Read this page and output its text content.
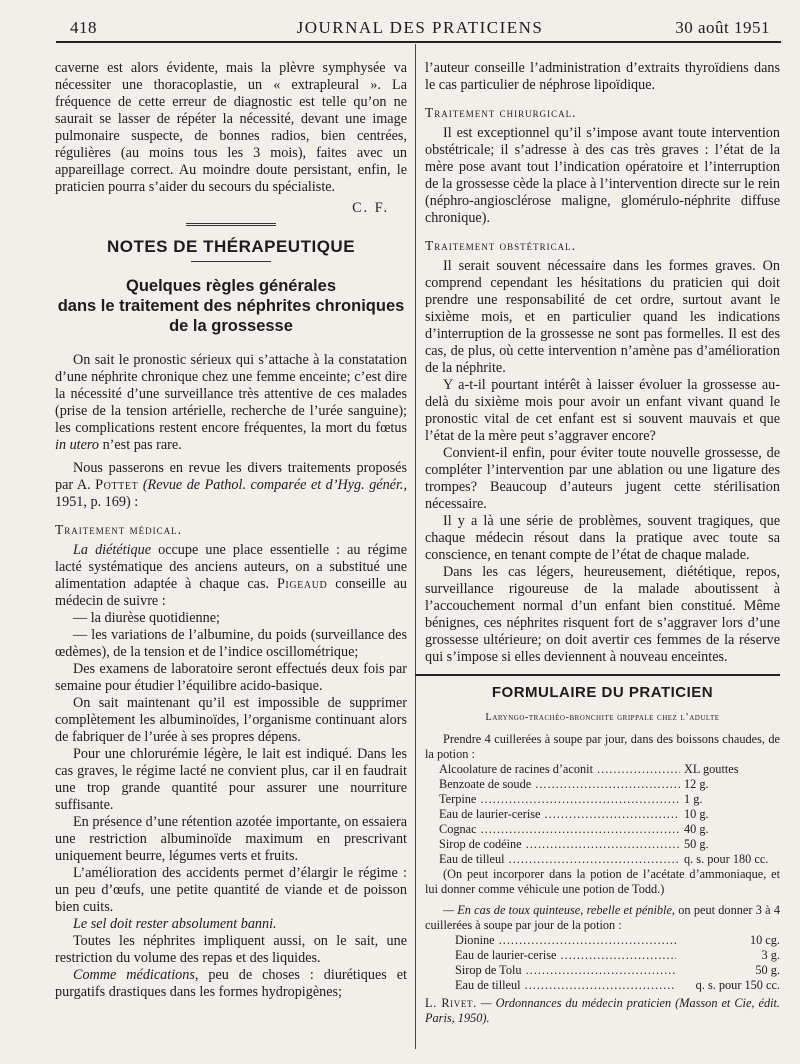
418	JOURNAL DES PRATICIENS	30 août 1951

caverne est alors évidente, mais la plèvre symphysée va nécessiter une thoracoplastie, un « extrapleural ». La fréquence de cette erreur de diagnostic est telle qu’on ne saurait se lasser de répéter la nécessité, devant une image pulmonaire suspecte, de bonnes radios, bien centrées, régulières (au moins tous les 3 mois), faites avec un appareillage correct. Au moindre doute persistant, enfin, le praticien pourra s’aider du secours du spécialiste.

C. F.

NOTES DE THÉRAPEUTIQUE
Quelques règles générales
dans le traitement des néphrites chroniques
de la grossesse

On sait le pronostic sérieux qui s’attache à la constatation d’une néphrite chronique chez une femme enceinte; c’est dire la nécessité d’une surveillance très attentive de ces malades (prise de la tension artérielle, recherche de l’urée sanguine); les complications restent encore fréquentes, la mort du fœtus in utero n’est pas rare.

Nous passerons en revue les divers traitements proposés par A. Pottet (Revue de Pathol. comparée et d’Hyg. génér., 1951, p. 169) :

Traitement médical.

La diététique occupe une place essentielle : au régime lacté systématique des anciens auteurs, on a substitué une alimentation adaptée à chaque cas. Pigeaud conseille au médecin de suivre :

— la diurèse quotidienne;

— les variations de l’albumine, du poids (surveillance des œdèmes), de la tension et de l’indice oscillométrique;

Des examens de laboratoire seront effectués deux fois par semaine pour étudier l’équilibre acido-basique.

On sait maintenant qu’il est impossible de supprimer complètement les albuminoïdes, l’organisme continuant alors de fabriquer de l’urée à ses propres dépens.

Pour une chlorurémie légère, le lait est indiqué. Dans les cas graves, le régime lacté ne convient plus, car il en faudrait une trop grande quantité pour assurer une nourriture suffisante.

En présence d’une rétention azotée importante, on essaiera une restriction albuminoïde maximum en prescrivant uniquement beurre, légumes verts et fruits.

L’amélioration des accidents permet d’élargir le régime : un peu d’œufs, une petite quantité de viande et de poisson bien cuits.

Le sel doit rester absolument banni.

Toutes les néphrites impliquent aussi, on le sait, une restriction du volume des repas et des liquides.

Comme médications, peu de choses : diurétiques et purgatifs drastiques dans les formes hydropigènes;

l’auteur conseille l’administration d’extraits thyroïdiens dans le cas particulier de néphrose lipoïdique.

Traitement chirurgical.

Il est exceptionnel qu’il s’impose avant toute intervention obstétricale; il s’adresse à des cas très graves : l’état de la mère pose avant tout l’indication opératoire et l’interruption de la grossesse cède la place à l’intervention directe sur le rein (néphro-angiosclérose maligne, glomérulo-néphrite diffuse chronique).

Traitement obstétrical.

Il serait souvent nécessaire dans les formes graves. On comprend cependant les hésitations du praticien qui doit prendre une responsabilité de cet ordre, surtout avant le sixième mois, et en particulier quand les indications d’interruption de la grossesse ne sont pas formelles. Il est des cas, de plus, où cette intervention n’amène pas d’amélioration de la néphrite.

Y a-t-il pourtant intérêt à laisser évoluer la grossesse au-delà du sixième mois pour avoir un enfant vivant quand le pronostic vital de cet enfant est si souvent mauvais et que l’état de la mère peut s’aggraver encore?

Convient-il enfin, pour éviter toute nouvelle grossesse, de compléter l’intervention par une ablation ou une ligature des trompes? Beaucoup d’auteurs jugent cette stérilisation nécessaire.

Il y a là une série de problèmes, souvent tragiques, que chaque médecin résout dans la pratique avec toute sa conscience, en tenant compte de l’état de chaque malade.

Dans les cas légers, heureusement, diététique, repos, surveillance rigoureuse de la malade aboutissent à l’accouchement normal d’un enfant bien constitué. Même bénignes, ces néphrites risquent fort de s’aggraver lors d’une grossesse ultérieure; on doit avertir ces femmes de la réserve qui s’impose si elles deviennent à nouveau enceintes.

FORMULAIRE DU PRATICIEN
Laryngo-trachéo-bronchite grippale chez l’adulte

Prendre 4 cuillerées à soupe par jour, dans des boissons chaudes, de la potion :

Alcoolature de racines d’aconit .....	XL gouttes
Benzoate de soude .....	12 g.
Terpine .....	1 g.
Eau de laurier-cerise .....	10 g.
Cognac .....	40 g.
Sirop de codéine .....	50 g.
Eau de tilleul .....	q. s. pour 180 cc.

(On peut incorporer dans la potion de l’acétate d’ammoniaque, et lui donner comme véhicule une potion de Todd.)

— En cas de toux quinteuse, rebelle et pénible, on peut donner 3 à 4 cuillerées à soupe par jour de la potion :

Dionine .....	10 cg.
Eau de laurier-cerise .....	3 g.
Sirop de Tolu .....	50 g.
Eau de tilleul .....	q. s. pour 150 cc.

L. Rivet. — Ordonnances du médecin praticien (Masson et Cie, édit. Paris, 1950).
